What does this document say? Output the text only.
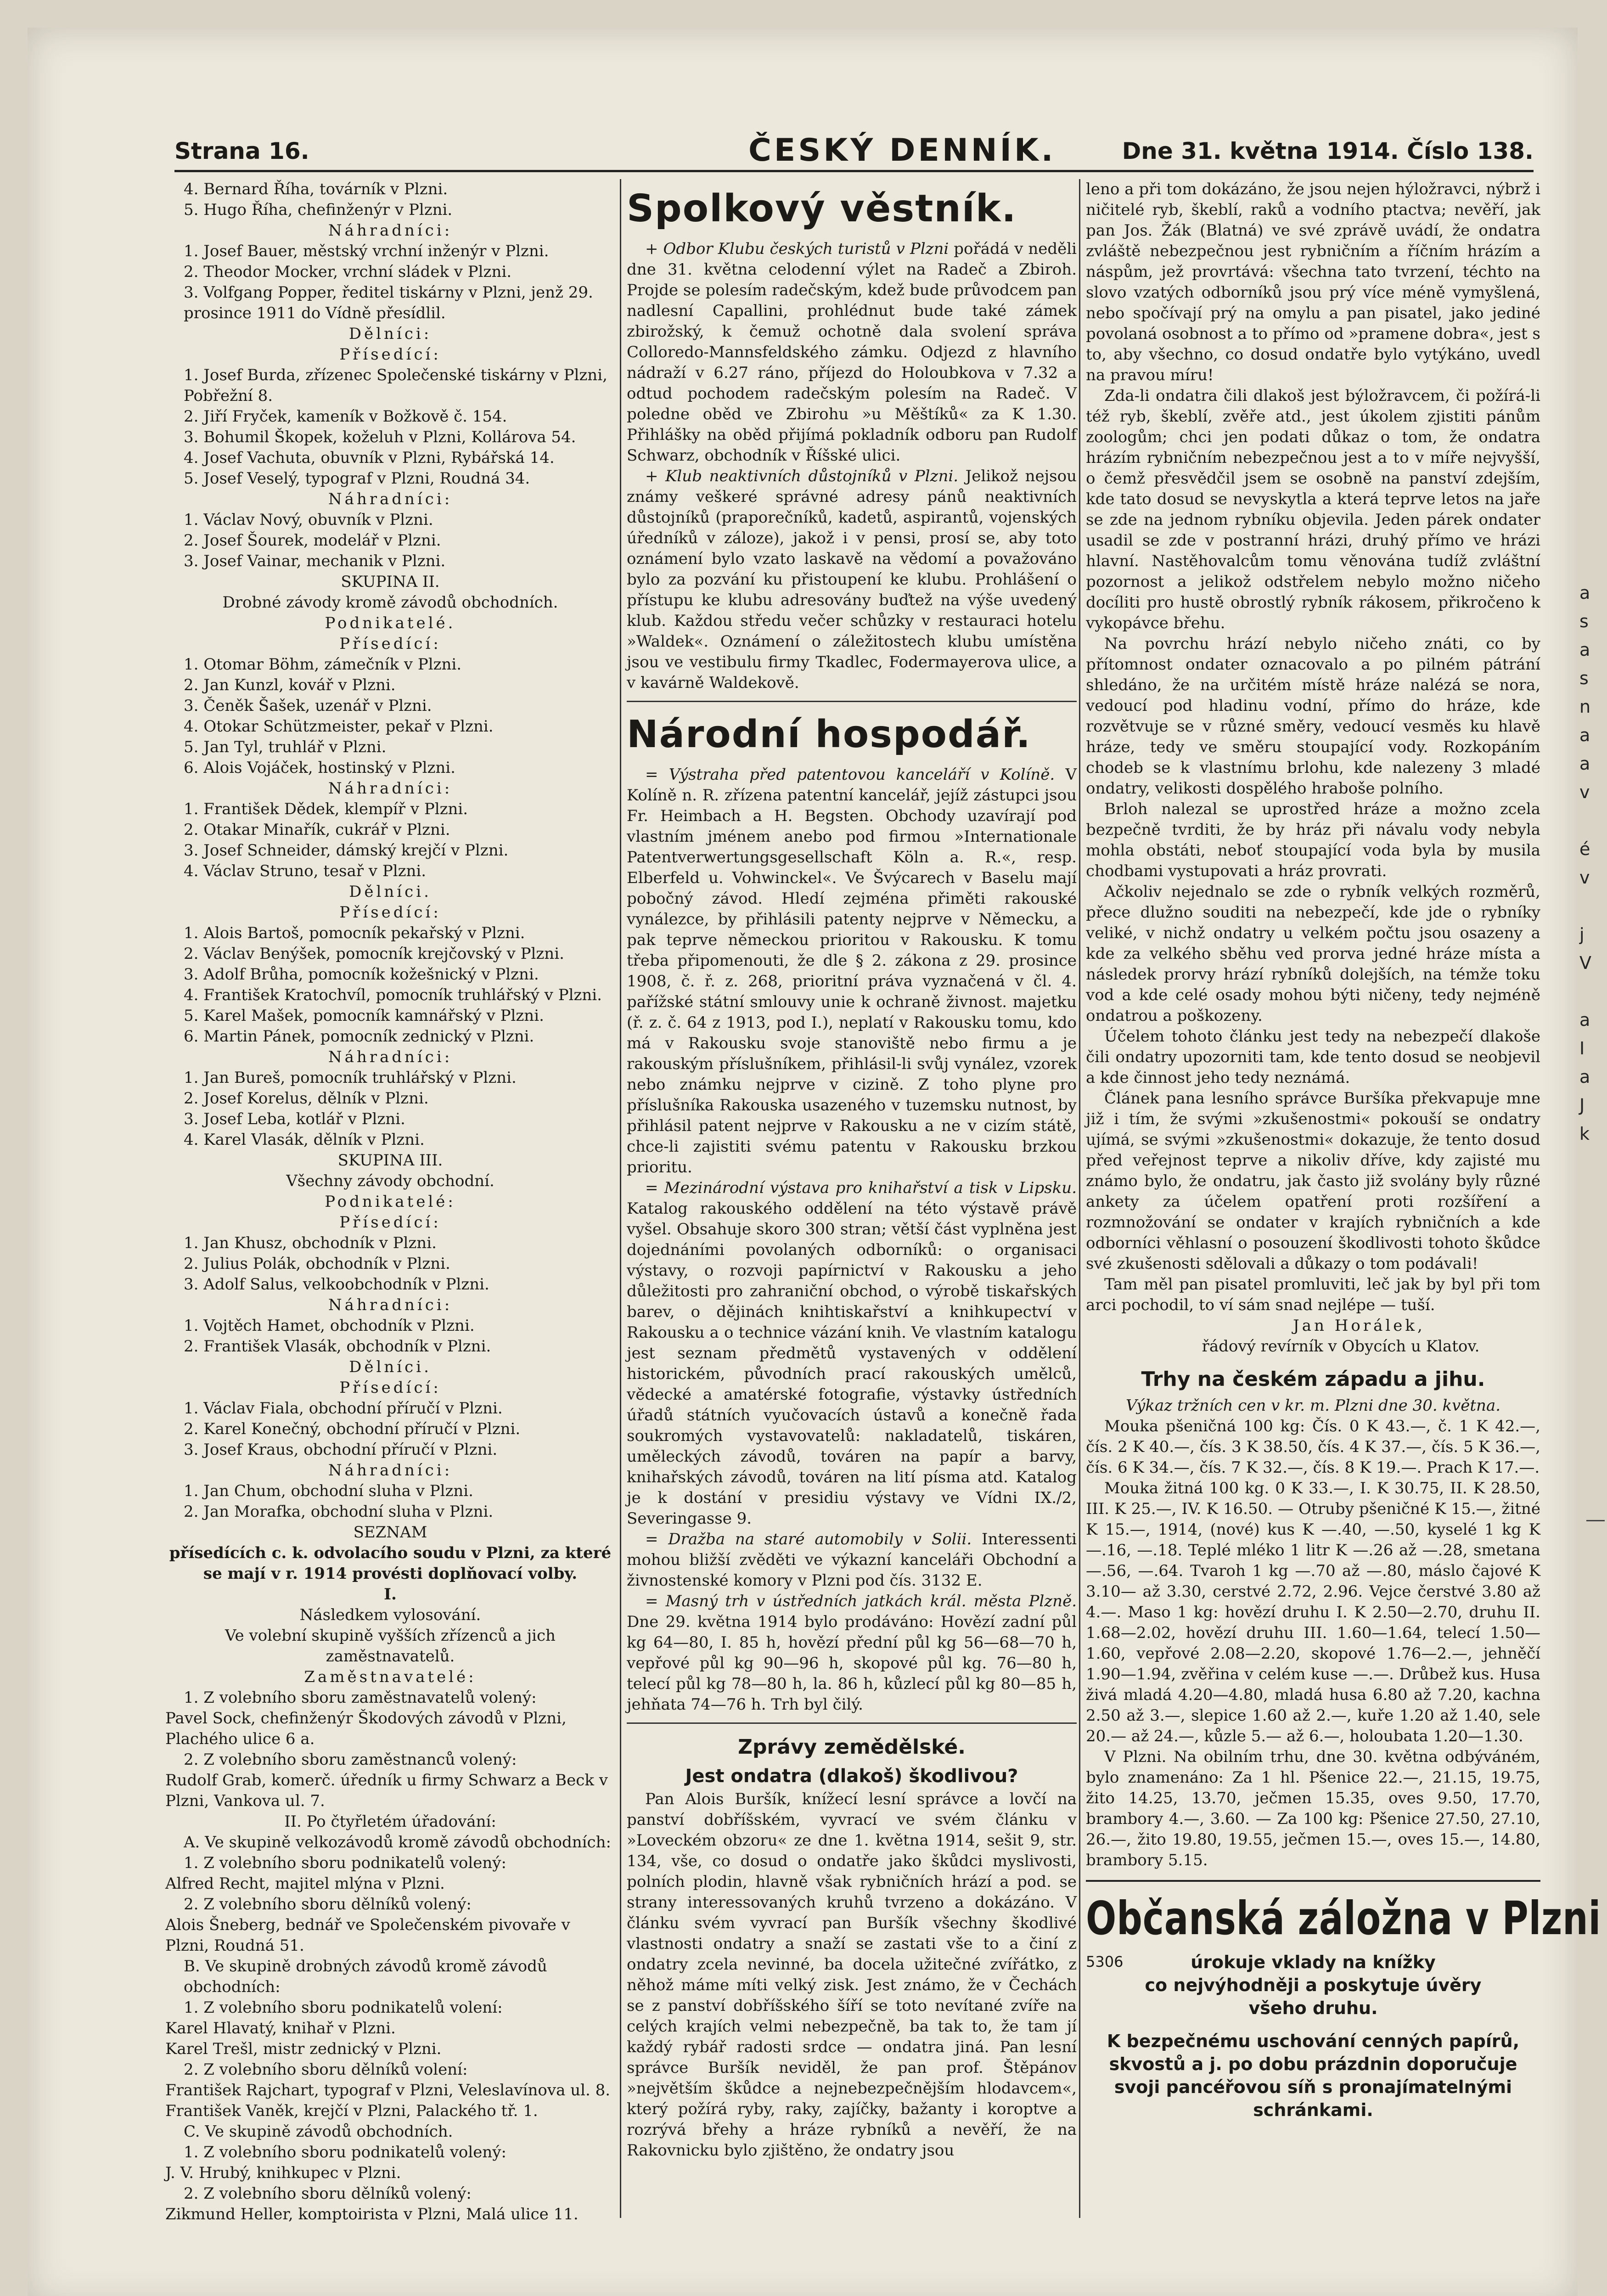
Strana 16.	ČESKÝ DENNÍK.	Dne 31. května 1914. Číslo 138.

4. Bernard Říha, továrník v Plzni.

5. Hugo Říha, chefinženýr v Plzni.

Náhradníci:

1. Josef Bauer, městský vrchní inženýr v Plzni.

2. Theodor Mocker, vrchní sládek v Plzni.

3. Volfgang Popper, ředitel tiskárny v Plzni, jenž 29. prosince 1911 do Vídně přesídlil.

Dělníci:

Přísedící:

1. Josef Burda, zřízenec Společenské tiskárny v Plzni, Pobřežní 8.

2. Jiří Fryček, kameník v Božkově č. 154.

3. Bohumil Škopek, koželuh v Plzni, Kollárova 54.

4. Josef Vachuta, obuvník v Plzni, Rybářská 14.

5. Josef Veselý, typograf v Plzni, Roudná 34.

Náhradníci:

1. Václav Nový, obuvník v Plzni.

2. Josef Šourek, modelář v Plzni.

3. Josef Vainar, mechanik v Plzni.

SKUPINA II.

Drobné závody kromě závodů obchodních.

Podnikatelé.

Přísedící:

1. Otomar Böhm, zámečník v Plzni.

2. Jan Kunzl, kovář v Plzni.

3. Čeněk Šašek, uzenář v Plzni.

4. Otokar Schützmeister, pekař v Plzni.

5. Jan Tyl, truhlář v Plzni.

6. Alois Vojáček, hostinský v Plzni.

Náhradníci:

1. František Dědek, klempíř v Plzni.

2. Otakar Minařík, cukrář v Plzni.

3. Josef Schneider, dámský krejčí v Plzni.

4. Václav Struno, tesař v Plzni.

Dělníci.

Přísedící:

1. Alois Bartoš, pomocník pekařský v Plzni.

2. Václav Benýšek, pomocník krejčovský v Plzni.

3. Adolf Brůha, pomocník kožešnický v Plzni.

4. František Kratochvíl, pomocník truhlářský v Plzni.

5. Karel Mašek, pomocník kamnářský v Plzni.

6. Martin Pánek, pomocník zednický v Plzni.

Náhradníci:

1. Jan Bureš, pomocník truhlářský v Plzni.

2. Josef Korelus, dělník v Plzni.

3. Josef Leba, kotlář v Plzni.

4. Karel Vlasák, dělník v Plzni.

SKUPINA III.

Všechny závody obchodní.

Podnikatelé:

Přísedící:

1. Jan Khusz, obchodník v Plzni.

2. Julius Polák, obchodník v Plzni.

3. Adolf Salus, velkoobchodník v Plzni.

Náhradníci:

1. Vojtěch Hamet, obchodník v Plzni.

2. František Vlasák, obchodník v Plzni.

Dělníci.

Přísedící:

1. Václav Fiala, obchodní příručí v Plzni.

2. Karel Konečný, obchodní příručí v Plzni.

3. Josef Kraus, obchodní příručí v Plzni.

Náhradníci:

1. Jan Chum, obchodní sluha v Plzni.

2. Jan Morafka, obchodní sluha v Plzni.

SEZNAM

přísedících c. k. odvolacího soudu v Plzni, za které se mají v r. 1914 provésti doplňovací volby.

I.

Následkem vylosování.

Ve volební skupině vyšších zřízenců a jich zaměstnavatelů.

Zaměstnavatelé:

1. Z volebního sboru zaměstnavatelů volený:

Pavel Sock, chefinženýr Škodových závodů v Plzni, Plachého ulice 6 a.

2. Z volebního sboru zaměstnanců volený:

Rudolf Grab, komerč. úředník u firmy Schwarz a Beck v Plzni, Vankova ul. 7.

II. Po čtyřletém úřadování:

A. Ve skupině velkozávodů kromě závodů obchodních:

1. Z volebního sboru podnikatelů volený:

Alfred Recht, majitel mlýna v Plzni.

2. Z volebního sboru dělníků volený:

Alois Šneberg, bednář ve Společenském pivovaře v Plzni, Roudná 51.

B. Ve skupině drobných závodů kromě závodů obchodních:

1. Z volebního sboru podnikatelů volení:

Karel Hlavatý, knihař v Plzni.

Karel Trešl, mistr zednický v Plzni.

2. Z volebního sboru dělníků volení:

František Rajchart, typograf v Plzni, Veleslavínova ul. 8.

František Vaněk, krejčí v Plzni, Palackého tř. 1.

C. Ve skupině závodů obchodních.

1. Z volebního sboru podnikatelů volený:

J. V. Hrubý, knihkupec v Plzni.

2. Z volebního sboru dělníků volený:

Zikmund Heller, komptoirista v Plzni, Malá ulice 11.

Spolkový věstník.

+ Odbor Klubu českých turistů v Plzni pořádá v neděli dne 31. května celodenní výlet na Radeč a Zbiroh. Projde se polesím radečským, kdež bude průvodcem pan nadlesní Capallini, prohlédnut bude také zámek zbirožský, k čemuž ochotně dala svolení správa Colloredo-Mannsfeldského zámku. Odjezd z hlavního nádraží v 6.27 ráno, příjezd do Holoubkova v 7.32 a odtud pochodem radečským polesím na Radeč. V poledne oběd ve Zbirohu »u Měštíků« za K 1.30. Přihlášky na oběd přijímá pokladník odboru pan Rudolf Schwarz, obchodník v Říšské ulici.

+ Klub neaktivních důstojníků v Plzni. Jelikož nejsou známy veškeré správné adresy pánů neaktivních důstojníků (praporečníků, kadetů, aspirantů, vojenských úředníků v záloze), jakož i v pensi, prosí se, aby toto oznámení bylo vzato laskavě na vědomí a považováno bylo za pozvání ku přistoupení ke klubu. Prohlášení o přístupu ke klubu adresovány buďtež na výše uvedený klub. Každou středu večer schůzky v restauraci hotelu »Waldek«. Oznámení o záležitostech klubu umístěna jsou ve vestibulu firmy Tkadlec, Fodermayerova ulice, a v kavárně Waldekově.

Národní hospodář.

= Výstraha před patentovou kanceláří v Kolíně. V Kolíně n. R. zřízena patentní kancelář, jejíž zástupci jsou Fr. Heimbach a H. Begsten. Obchody uzavírají pod vlastním jménem anebo pod firmou »Internationale Patentverwertungsgesellschaft Köln a. R.«, resp. Elberfeld u. Vohwinckel«. Ve Švýcarech v Baselu mají pobočný závod. Hledí zejména přiměti rakouské vynálezce, by přihlásili patenty nejprve v Německu, a pak teprve německou prioritou v Rakousku. K tomu třeba připomenouti, že dle § 2. zákona z 29. prosince 1908, č. ř. z. 268, prioritní práva vyznačená v čl. 4. pařížské státní smlouvy unie k ochraně živnost. majetku (ř. z. č. 64 z 1913, pod I.), neplatí v Rakousku tomu, kdo má v Rakousku svoje stanoviště nebo firmu a je rakouským příslušníkem, přihlásil-li svůj vynález, vzorek nebo známku nejprve v cizině. Z toho plyne pro příslušníka Rakouska usazeného v tuzemsku nutnost, by přihlásil patent nejprve v Rakousku a ne v cizím státě, chce-li zajistiti svému patentu v Rakousku brzkou prioritu.

= Mezinárodní výstava pro knihařství a tisk v Lipsku. Katalog rakouského oddělení na této výstavě právě vyšel. Obsahuje skoro 300 stran; větší část vyplněna jest dojednáními povolaných odborníků: o organisaci výstavy, o rozvoji papírnictví v Rakousku a jeho důležitosti pro zahraniční obchod, o výrobě tiskařských barev, o dějinách knihtiskařství a knihkupectví v Rakousku a o technice vázání knih. Ve vlastním katalogu jest seznam předmětů vystavených v oddělení historickém, původních prací rakouských umělců, vědecké a amatérské fotografie, výstavky ústředních úřadů státních vyučovacích ústavů a konečně řada soukromých vystavovatelů: nakladatelů, tiskáren, uměleckých závodů, továren na papír a barvy, knihařských závodů, továren na lití písma atd. Katalog je k dostání v presidiu výstavy ve Vídni IX./2, Severingasse 9.

= Dražba na staré automobily v Solii. Interessenti mohou bližší zvěděti ve výkazní kanceláři Obchodní a živnostenské komory v Plzni pod čís. 3132 E.

= Masný trh v ústředních jatkách král. města Plzně. Dne 29. května 1914 bylo prodáváno: Hovězí zadní půl kg 64—80, I. 85 h, hovězí přední půl kg 56—68—70 h, vepřové půl kg 90—96 h, skopové půl kg. 76—80 h, telecí půl kg 78—80 h, la. 86 h, kůzlecí půl kg 80—85 h, jehňata 74—76 h. Trh byl čilý.

Zprávy zemědělské.
Jest ondatra (dlakoš) škodlivou?

Pan Alois Buršík, knížecí lesní správce a lovčí na panství dobříšském, vyvrací ve svém článku v »Loveckém obzoru« ze dne 1. května 1914, sešit 9, str. 134, vše, co dosud o ondatře jako škůdci myslivosti, polních plodin, hlavně však rybničních hrází a pod. se strany interessovaných kruhů tvrzeno a dokázáno. V článku svém vyvrací pan Buršík všechny škodlivé vlastnosti ondatry a snaží se zastati vše to a činí z ondatry zcela nevinné, ba docela užitečné zvířátko, z něhož máme míti velký zisk. Jest známo, že v Čechách se z panství dobříšského šíří se toto nevítané zvíře na celých krajích velmi nebezpečně, ba tak to, že tam jí každý rybář radosti srdce — ondatra jiná. Pan lesní správce Buršík neviděl, že pan prof. Štěpánov »největším škůdce a nejnebezpečnějším hlodavcem«, který požírá ryby, raky, zajíčky, bažanty i koroptve a rozrývá břehy a hráze rybníků a nevěří, že na Rakovnicku bylo zjištěno, že ondatry jsou

leno a při tom dokázáno, že jsou nejen hýložravci, nýbrž i ničitelé ryb, škeblí, raků a vodního ptactva; nevěří, jak pan Jos. Žák (Blatná) ve své zprávě uvádí, že ondatra zvláště nebezpečnou jest rybničním a říčním hrázím a náspům, jež provrtává: všechna tato tvrzení, téchto na slovo vzatých odborníků jsou prý více méně vymyšlená, nebo spočívají prý na omylu a pan pisatel, jako jediné povolaná osobnost a to přímo od »pramene dobra«, jest s to, aby všechno, co dosud ondatře bylo vytýkáno, uvedl na pravou míru!

Zda-li ondatra čili dlakoš jest býložravcem, či požírá-li též ryb, škeblí, zvěře atd., jest úkolem zjistiti pánům zoologům; chci jen podati důkaz o tom, že ondatra hrázím rybničním nebezpečnou jest a to v míře nejvyšší, o čemž přesvědčil jsem se osobně na panství zdejším, kde tato dosud se nevyskytla a která teprve letos na jaře se zde na jednom rybníku objevila. Jeden párek ondater usadil se zde v postranní hrázi, druhý přímo ve hrázi hlavní. Nastěhovalcům tomu věnována tudíž zvláštní pozornost a jelikož odstřelem nebylo možno ničeho docíliti pro hustě obrostlý rybník rákosem, přikročeno k vykopávce břehu.

Na povrchu hrází nebylo ničeho znáti, co by přítomnost ondater oznacovalo a po pilném pátrání shledáno, že na určitém místě hráze nalézá se nora, vedoucí pod hladinu vodní, přímo do hráze, kde rozvětvuje se v různé směry, vedoucí vesměs ku hlavě hráze, tedy ve směru stoupající vody. Rozkopáním chodeb se k vlastnímu brlohu, kde nalezeny 3 mladé ondatry, velikosti dospělého hraboše polního.

Brloh nalezal se uprostřed hráze a možno zcela bezpečně tvrditi, že by hráz při návalu vody nebyla mohla obstáti, neboť stoupající voda byla by musila chodbami vystupovati a hráz provrati.

Ačkoliv nejednalo se zde o rybník velkých rozměrů, přece dlužno souditi na nebezpečí, kde jde o rybníky veliké, v nichž ondatry u velkém počtu jsou osazeny a kde za velkého sběhu ved prorva jedné hráze místa a následek prorvy hrází rybníků dolejších, na témže toku vod a kde celé osady mohou býti ničeny, tedy nejméně ondatrou a poškozeny.

Účelem tohoto článku jest tedy na nebezpečí dlakoše čili ondatry upozorniti tam, kde tento dosud se neobjevil a kde činnost jeho tedy neznámá.

Článek pana lesního správce Buršíka překvapuje mne již i tím, že svými »zkušenostmi« pokouší se ondatry ujímá, se svými »zkušenostmi« dokazuje, že tento dosud před veřejnost teprve a nikoliv dříve, kdy zajisté mu známo bylo, že ondatru, jak často již svolány byly různé ankety za účelem opatření proti rozšíření a rozmnožování se ondater v krajích rybničních a kde odborníci věhlasní o posouzení škodlivosti tohoto škůdce své zkušenosti sdělovali a důkazy o tom podávali!

Tam měl pan pisatel promluviti, leč jak by byl při tom arci pochodil, to ví sám snad nejlépe — tuší.

Jan Horálek,

řádový revírník v Obycích u Klatov.

Trhy na českém západu a jihu.

Výkaz tržních cen v kr. m. Plzni dne 30. května.

Mouka pšeničná 100 kg: Čís. 0 K 43.—, č. 1 K 42.—, čís. 2 K 40.—, čís. 3 K 38.50, čís. 4 K 37.—, čís. 5 K 36.—, čís. 6 K 34.—, čís. 7 K 32.—, čís. 8 K 19.—. Prach K 17.—.

Mouka žitná 100 kg. 0 K 33.—, I. K 30.75, II. K 28.50, III. K 25.—, IV. K 16.50. — Otruby pšeničné K 15.—, žitné K 15.—, 1914, (nové) kus K —.40, —.50, kyselé 1 kg K —.16, —.18. Teplé mléko 1 litr K —.26 až —.28, smetana —.56, —.64. Tvaroh 1 kg —.70 až —.80, máslo čajové K 3.10— až 3.30, cerstvé 2.72, 2.96. Vejce čerstvé 3.80 až 4.—. Maso 1 kg: hovězí druhu I. K 2.50—2.70, druhu II. 1.68—2.02, hovězí druhu III. 1.60—1.64, telecí 1.50—1.60, vepřové 2.08—2.20, skopové 1.76—2.—, jehněčí 1.90—1.94, zvěřina v celém kuse —.—. Drůbež kus. Husa živá mladá 4.20—4.80, mladá husa 6.80 až 7.20, kachna 2.50 až 3.—, slepice 1.60 až 2.—, kuře 1.20 až 1.40, sele 20.— až 24.—, kůzle 5.— až 6.—, holoubata 1.20—1.30.

V Plzni. Na obilním trhu, dne 30. května odbýváném, bylo znamenáno: Za 1 hl. Pšenice 22.—, 21.15, 19.75, žito 14.25, 13.70, ječmen 15.35, oves 9.50, 17.70, brambory 4.—, 3.60. — Za 100 kg: Pšenice 27.50, 27.10, 26.—, žito 19.80, 19.55, ječmen 15.—, oves 15.—, 14.80, brambory 5.15.

Občanská záložna v Plzni
5306	úrokuje vklady na knížky
co nejvýhodněji a poskytuje úvěry všeho druhu.
K bezpečnému uschování cenných papírů, skvostů a j. po dobu prázdnin doporučuje svoji pancéřovou síň s pronajímatelnými schránkami.
a
s
a
s
n
a
a
v

é
v

j
V

a
I
a
J
k
